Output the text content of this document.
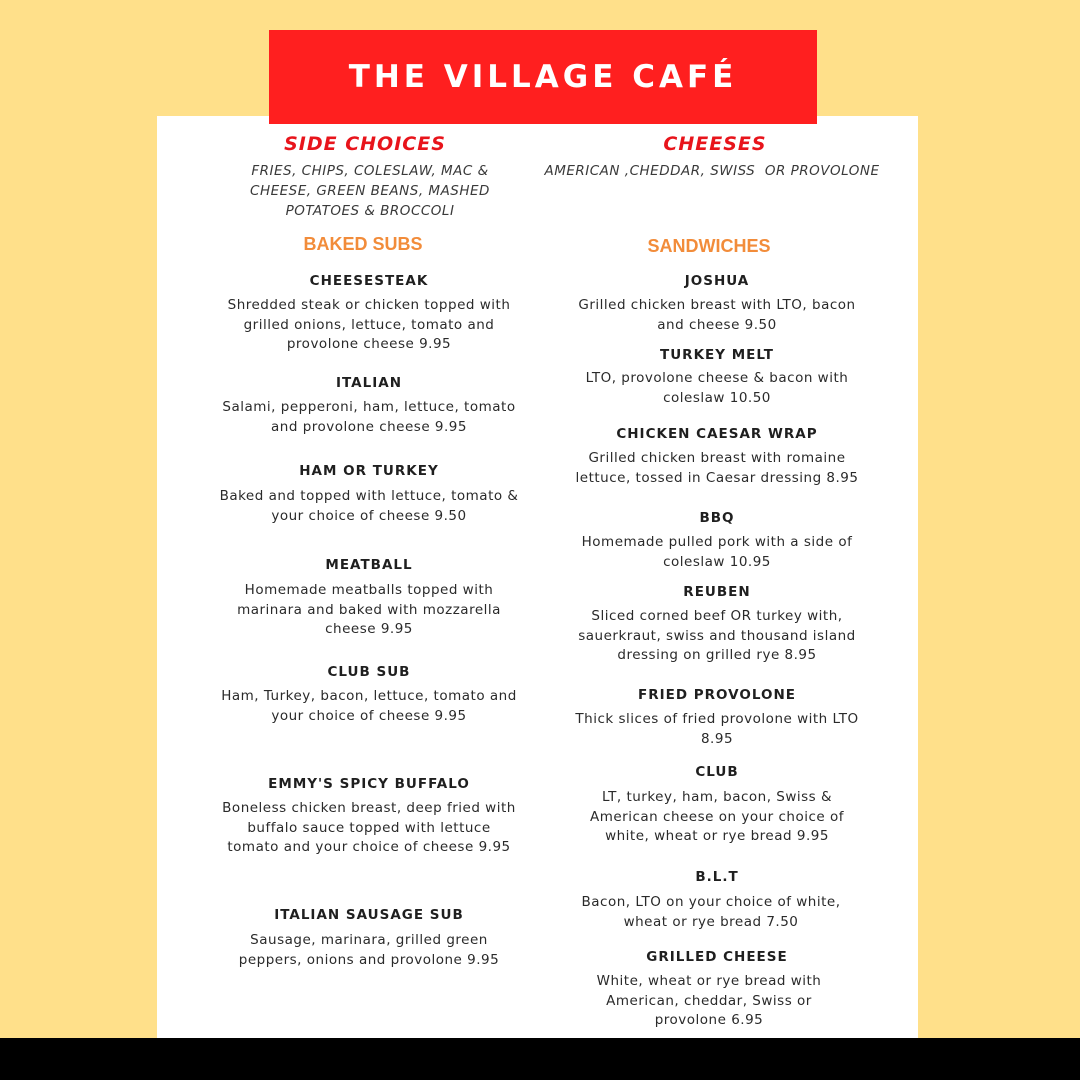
THE VILLAGE CAFÉ
SIDE CHOICES
FRIES, CHIPS, COLESLAW, MAC & CHEESE, GREEN BEANS, MASHED POTATOES & BROCCOLI
CHEESES
AMERICAN ,CHEDDAR, SWISS  OR PROVOLONE
BAKED SUBS
CHEESESTEAK
Shredded steak or chicken topped with grilled onions, lettuce, tomato and provolone cheese 9.95
ITALIAN
Salami, pepperoni, ham, lettuce, tomato and provolone cheese 9.95
HAM OR TURKEY
Baked and topped with lettuce, tomato & your choice of cheese 9.50
MEATBALL
Homemade meatballs topped with marinara and baked with mozzarella cheese 9.95
CLUB SUB
Ham, Turkey, bacon, lettuce, tomato and your choice of cheese 9.95
EMMY'S SPICY BUFFALO
Boneless chicken breast, deep fried with buffalo sauce topped with lettuce tomato and your choice of cheese 9.95
ITALIAN SAUSAGE SUB
Sausage, marinara, grilled green peppers, onions and provolone 9.95
SANDWICHES
JOSHUA
Grilled chicken breast with LTO, bacon and cheese 9.50
TURKEY MELT
LTO, provolone cheese & bacon with coleslaw 10.50
CHICKEN CAESAR WRAP
Grilled chicken breast with romaine lettuce, tossed in Caesar dressing 8.95
BBQ
Homemade pulled pork with a side of coleslaw 10.95
REUBEN
Sliced corned beef OR turkey with, sauerkraut, swiss and thousand island dressing on grilled rye 8.95
FRIED PROVOLONE
Thick slices of fried provolone with LTO 8.95
CLUB
LT, turkey, ham, bacon, Swiss & American cheese on your choice of white, wheat or rye bread 9.95
B.L.T
Bacon, LTO on your choice of white, wheat or rye bread 7.50
GRILLED CHEESE
White, wheat or rye bread with American, cheddar, Swiss or provolone 6.95
